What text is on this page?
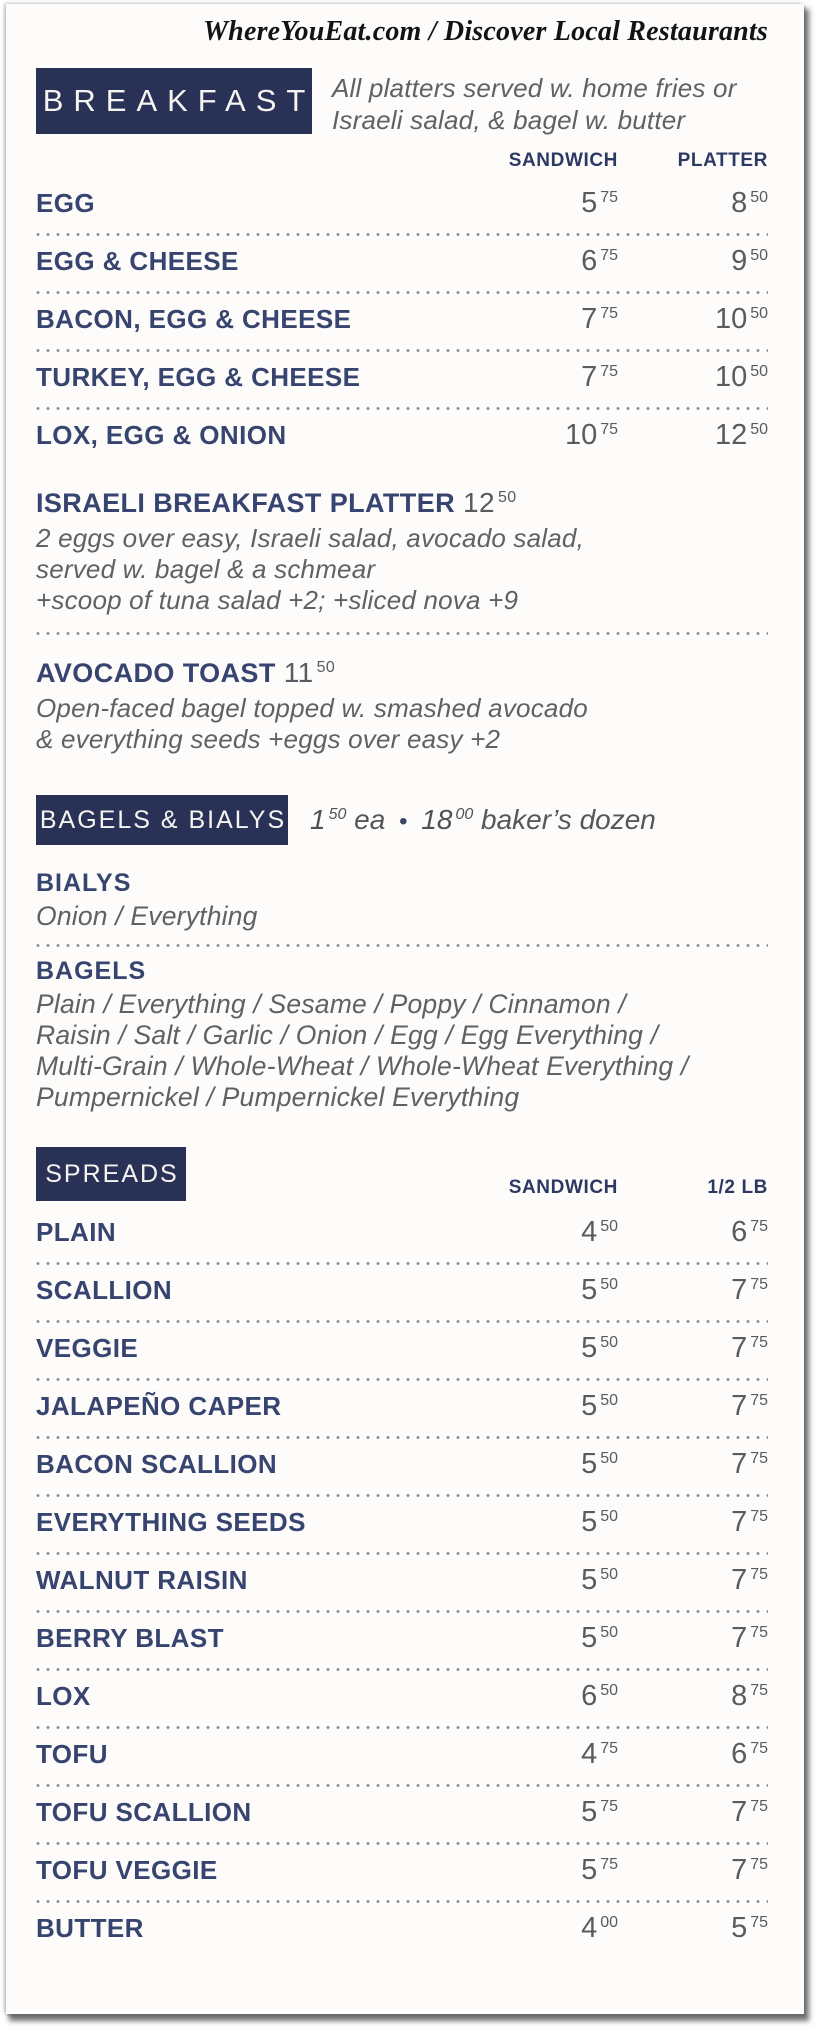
WhereYouEat.com / Discover Local Restaurants
BREAKFAST All platters served w. home fries or
Israeli salad, & bagel w. butter
SANDWICH	PLATTER
EGG	5 75	8 50
EGG & CHEESE	6 75	9 50
BACON, EGG & CHEESE	7 75	10 50
TURKEY, EGG & CHEESE	7 75	10 50
LOX, EGG & ONION	10 75	12 50
ISRAELI BREAKFAST PLATTER 12 50
2 eggs over easy, Israeli salad, avocado salad,
served w. bagel & a schmear
+scoop of tuna salad +2; +sliced nova +9
AVOCADO TOAST 11 50
Open-faced bagel topped w. smashed avocado
& everything seeds +eggs over easy +2
BAGELS & BIALYS 1 50 ea • 18 00 baker’s dozen
BIALYS
Onion / Everything
BAGELS
Plain / Everything / Sesame / Poppy / Cinnamon /
Raisin / Salt / Garlic / Onion / Egg / Egg Everything /
Multi-Grain / Whole-Wheat / Whole-Wheat Everything /
Pumpernickel / Pumpernickel Everything
SPREADS	SANDWICH	1/2 LB
PLAIN	4 50	6 75
SCALLION	5 50	7 75
VEGGIE	5 50	7 75
JALAPEÑO CAPER	5 50	7 75
BACON SCALLION	5 50	7 75
EVERYTHING SEEDS	5 50	7 75
WALNUT RAISIN	5 50	7 75
BERRY BLAST	5 50	7 75
LOX	6 50	8 75
TOFU	4 75	6 75
TOFU SCALLION	5 75	7 75
TOFU VEGGIE	5 75	7 75
BUTTER	4 00	5 75
